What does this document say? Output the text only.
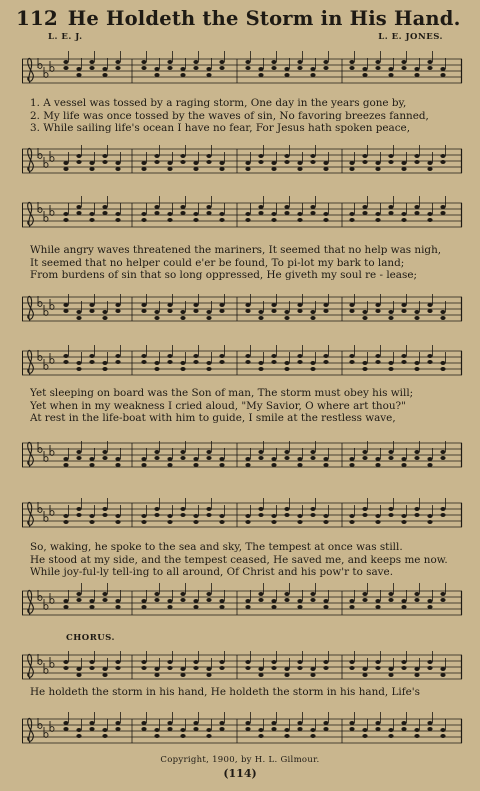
112 He Holdeth the Storm in His Hand.
L. E. J.	L. E. JONES.
1. A vessel was tossed by a raging storm, One day in the years gone by,
2. My life was once tossed by the waves of sin, No favoring breezes fanned,
3. While sailing life's ocean I have no fear, For Jesus hath spoken peace,
While angry waves threatened the mariners, It seemed that no help was nigh,
It seemed that no helper could e'er be found, To pi-lot my bark to land;
From burdens of sin that so long oppressed, He giveth my soul re - lease;
Yet sleeping on board was the Son of man, The storm must obey his will;
Yet when in my weakness I cried aloud, "My Savior, O where art thou?"
At rest in the life-boat with him to guide, I smile at the restless wave,
So, waking, he spoke to the sea and sky, The tempest at once was still.
He stood at my side, and the tempest ceased, He saved me, and keeps me now.
While joy-ful-ly tell-ing to all around, Of Christ and his pow'r to save.
CHORUS.
He holdeth the storm in his hand, He holdeth the storm in his hand, Life's
Copyright, 1900, by H. L. Gilmour.
(114)
